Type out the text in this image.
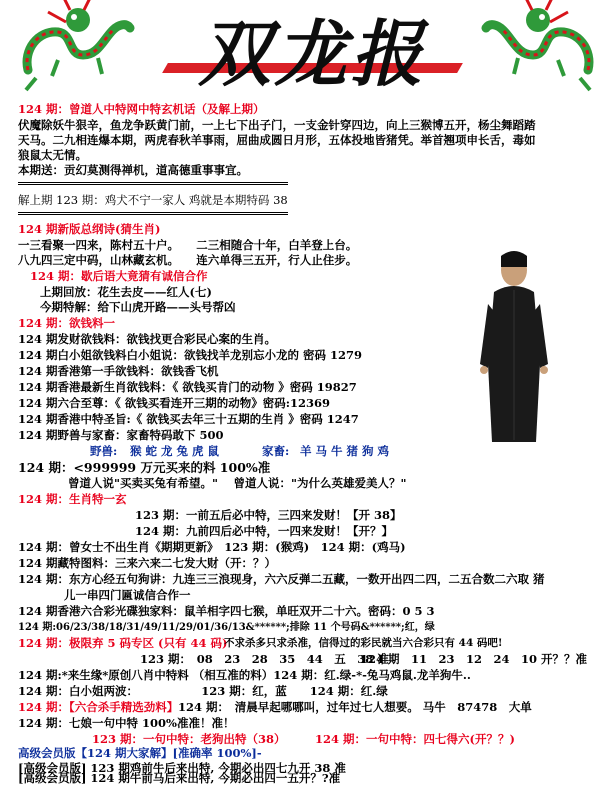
双龙报
124 期：曾道人中特网中特玄机话（及解上期）
伏魔除妖牛狠辛，鱼龙争跃黄门前，一上七下出子门，一支金针穿四边，向上三猴博五开，杨尘舞蹈踏
天马。二九相连爆本期，两虎春秋羊事雨，屈曲成圆日月形，五体投地皆猪凭。举首翘项申长舌，毒如
狼鼠太无情。
本期送：贡幻莫测得禅机，道高德重事事宜。
解上期 123 期：鸡犬不宁一家人 鸡就是本期特码 38
124 期新版总纲诗(猜生肖)
一三看聚一四来，陈村五十户。　　二三相随合十年，白羊登上台。
八九四三定中码，山林藏玄机。　　连六单得三五开，行人止住步。
124 期：歇后语大竟猜有诚信合作
上期回放：花生去皮——红人(七)
今期特解：给下山虎开路——头号帮凶
124 期：欲钱料一
124 期发财欲钱料：欲钱找更合彩民心案的生肖。
124 期白小姐欲钱料白小姐说：欲钱找羊龙别忘小龙的 密码 1279
124 期香港第一手欲钱料：欲钱香飞机
124 期香港最新生肖欲钱料：《 欲钱买肯门的动物 》密码 19827
124 期六合至尊：《 欲钱买看连开三期的动物》密码:12369
124 期香港中特圣旨:《 欲钱买去年三十五期的生肖 》密码 1247
124 期野兽与家畜：家畜特码敢下 500
野兽: 猴 蛇 龙 兔 虎 鼠	家畜: 羊 马 牛 猪 狗 鸡
124 期：<999999 万元买来的料 100%准
曾道人说"买卖买兔有希望。"　 曾道人说："为什么英雄爱美人？"
124 期：生肖特一玄
123 期：一前五后必中特，三四来发财！【开 38】
124 期：九前四后必中特，一四来发财！【开？】
124 期：曾女士不出生肖《期期更新》　123 期：(猴鸡)　124 期：(鸡马)
124 期藏特图料：三来六来二七发大财（开：？）
124 期：东方心经五句狗讲：九连三三浪现身，六六反弹二五藏，一数开出四二四，二五合数二六取 猪
　　　　儿一串四门匾诚信合作一
124 期香港六合彩光碟独家料：鼠羊相字四七猴，单旺双开二十六。密码：0 5 3
124 期:06/23/38/18/31/49/11/29/01/36/13&******;排除 11 个号码&******;红，绿
124 期：极限弃 5 码专区 (只有 44 码)
不求杀多只求杀准，信得过的彩民就当六合彩只有 44 码吧!
123 期：　08　23　28　35　44　五　38 准
124 期　11　23　12　24　10 开？？准
124 期:*来生缘*原创八肖中特料 （相互准的料）124 期：红.绿-*-兔马鸡鼠.龙羊狗牛..
124 期：白小姐两波：　　　　　　123 期：红，蓝　　124 期：红.绿
124 期：【六合杀手精选劲料】 124 期：　清晨早起哪哪叫，过年过七人想要。 马牛　87478　大单
124 期：七娘一句中特 100%准准！准！
123 期：一句中特：老狗出特（38）	124 期：一句中特：四七得六(开？？)
高级会员版【124 期大家解】[准确率 100%]-
[高级会员版] 123 期鸡前牛后来出特, 今期必出四七九开 38 准
[高级会员版] 124 期牛前马后来出特, 今期必出四一五开？?准
